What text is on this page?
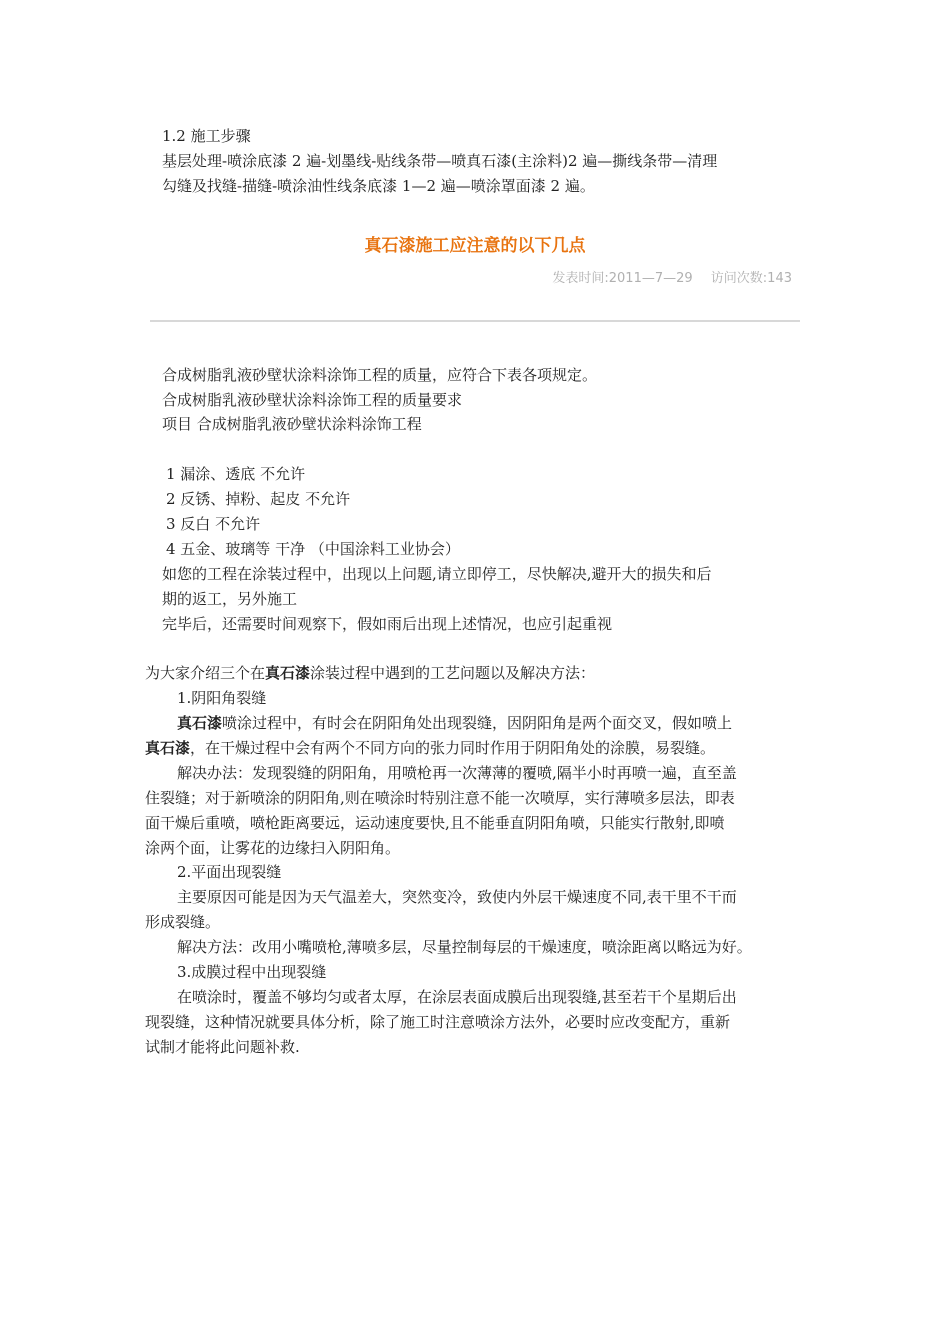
1.2 施工步骤
基层处理-喷涂底漆 2 遍-划墨线-贴线条带—喷真石漆(主涂料)2 遍—撕线条带—清理
勾缝及找缝-描缝-喷涂油性线条底漆 1—2 遍—喷涂罩面漆 2 遍。
真石漆施工应注意的以下几点
发表时间:2011—7—29 访问次数:143
合成树脂乳液砂壁状涂料涂饰工程的质量，应符合下表各项规定。
合成树脂乳液砂壁状涂料涂饰工程的质量要求
项目 合成树脂乳液砂壁状涂料涂饰工程
1 漏涂、透底 不允许
2 反锈、掉粉、起皮 不允许
3 反白 不允许
4 五金、玻璃等 干净 （中国涂料工业协会）
如您的工程在涂装过程中，出现以上问题,请立即停工，尽快解决,避开大的损失和后
期的返工，另外施工
完毕后，还需要时间观察下，假如雨后出现上述情况，也应引起重视
为大家介绍三个在真石漆涂装过程中遇到的工艺问题以及解决方法：
1.阴阳角裂缝
真石漆喷涂过程中，有时会在阴阳角处出现裂缝，因阴阳角是两个面交叉，假如喷上
真石漆，在干燥过程中会有两个不同方向的张力同时作用于阴阳角处的涂膜，易裂缝。
解决办法：发现裂缝的阴阳角，用喷枪再一次薄薄的覆喷,隔半小时再喷一遍，直至盖
住裂缝；对于新喷涂的阴阳角,则在喷涂时特别注意不能一次喷厚，实行薄喷多层法，即表
面干燥后重喷，喷枪距离要远，运动速度要快,且不能垂直阴阳角喷，只能实行散射,即喷
涂两个面，让雾花的边缘扫入阴阳角。
2.平面出现裂缝
主要原因可能是因为天气温差大，突然变冷，致使内外层干燥速度不同,表干里不干而
形成裂缝。
解决方法：改用小嘴喷枪,薄喷多层，尽量控制每层的干燥速度，喷涂距离以略远为好。
3.成膜过程中出现裂缝
在喷涂时，覆盖不够均匀或者太厚，在涂层表面成膜后出现裂缝,甚至若干个星期后出
现裂缝，这种情况就要具体分析，除了施工时注意喷涂方法外，必要时应改变配方，重新
试制才能将此问题补救.
